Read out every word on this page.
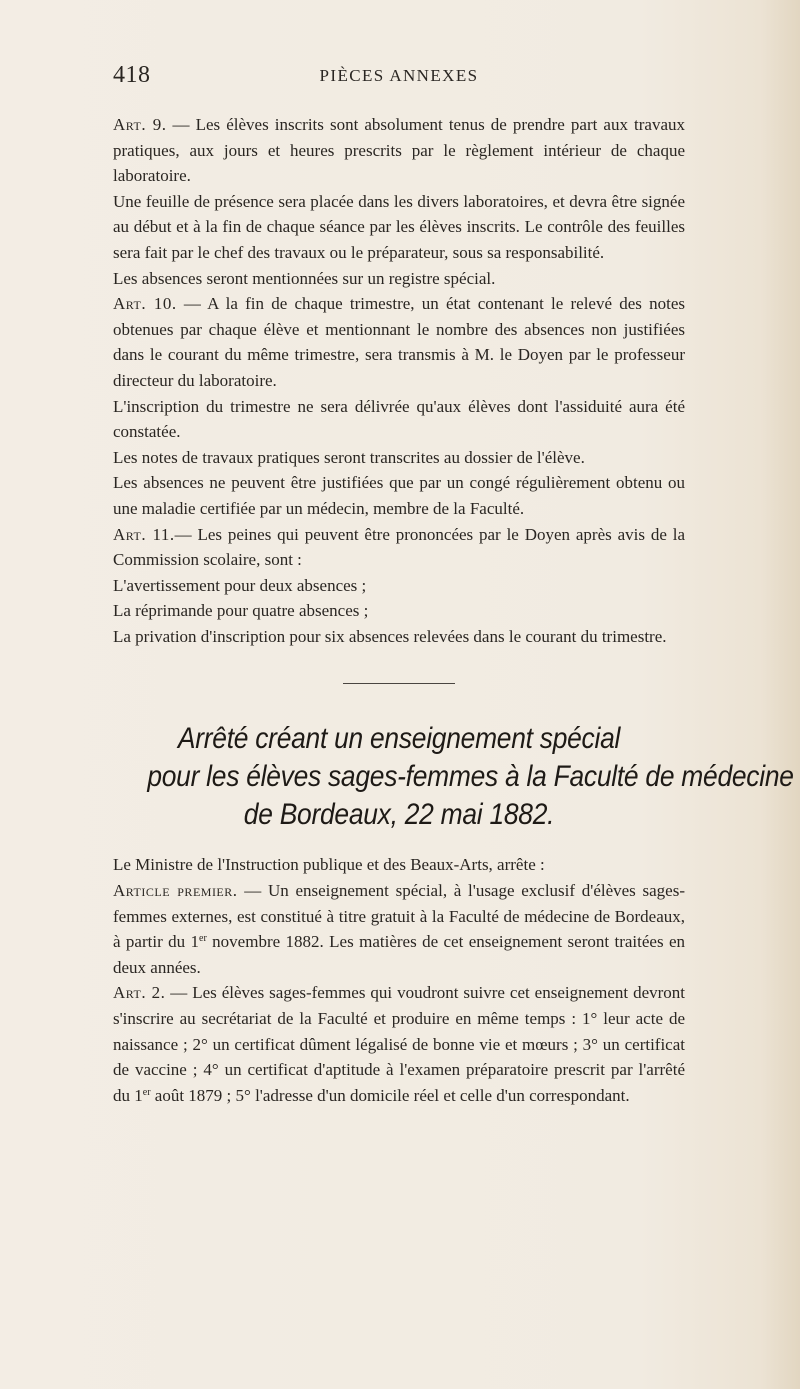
418	PIÈCES ANNEXES

Art. 9. — Les élèves inscrits sont absolument tenus de prendre part aux travaux pratiques, aux jours et heures prescrits par le règlement intérieur de chaque laboratoire.

Une feuille de présence sera placée dans les divers laboratoires, et devra être signée au début et à la fin de chaque séance par les élèves inscrits. Le contrôle des feuilles sera fait par le chef des travaux ou le préparateur, sous sa responsabilité.

Les absences seront mentionnées sur un registre spécial.

Art. 10. — A la fin de chaque trimestre, un état contenant le relevé des notes obtenues par chaque élève et mentionnant le nombre des absences non justifiées dans le courant du même trimestre, sera transmis à M. le Doyen par le professeur directeur du laboratoire.

L'inscription du trimestre ne sera délivrée qu'aux élèves dont l'assiduité aura été constatée.

Les notes de travaux pratiques seront transcrites au dossier de l'élève.

Les absences ne peuvent être justifiées que par un congé régulièrement obtenu ou une maladie certifiée par un médecin, membre de la Faculté.

Art. 11.— Les peines qui peuvent être prononcées par le Doyen après avis de la Commission scolaire, sont :

L'avertissement pour deux absences ;

La réprimande pour quatre absences ;

La privation d'inscription pour six absences relevées dans le courant du trimestre.

Arrêté créant un enseignement spécial
pour les élèves sages-femmes à la Faculté de médecine
de Bordeaux, 22 mai 1882.

Le Ministre de l'Instruction publique et des Beaux-Arts, arrête :

Article premier. — Un enseignement spécial, à l'usage exclusif d'élèves sages-femmes externes, est constitué à titre gratuit à la Faculté de médecine de Bordeaux, à partir du 1er novembre 1882. Les matières de cet enseignement seront traitées en deux années.

Art. 2. — Les élèves sages-femmes qui voudront suivre cet enseignement devront s'inscrire au secrétariat de la Faculté et produire en même temps : 1° leur acte de naissance ; 2° un certificat dûment légalisé de bonne vie et mœurs ; 3° un certificat de vaccine ; 4° un certificat d'aptitude à l'examen préparatoire prescrit par l'arrêté du 1er août 1879 ; 5° l'adresse d'un domicile réel et celle d'un correspondant.
